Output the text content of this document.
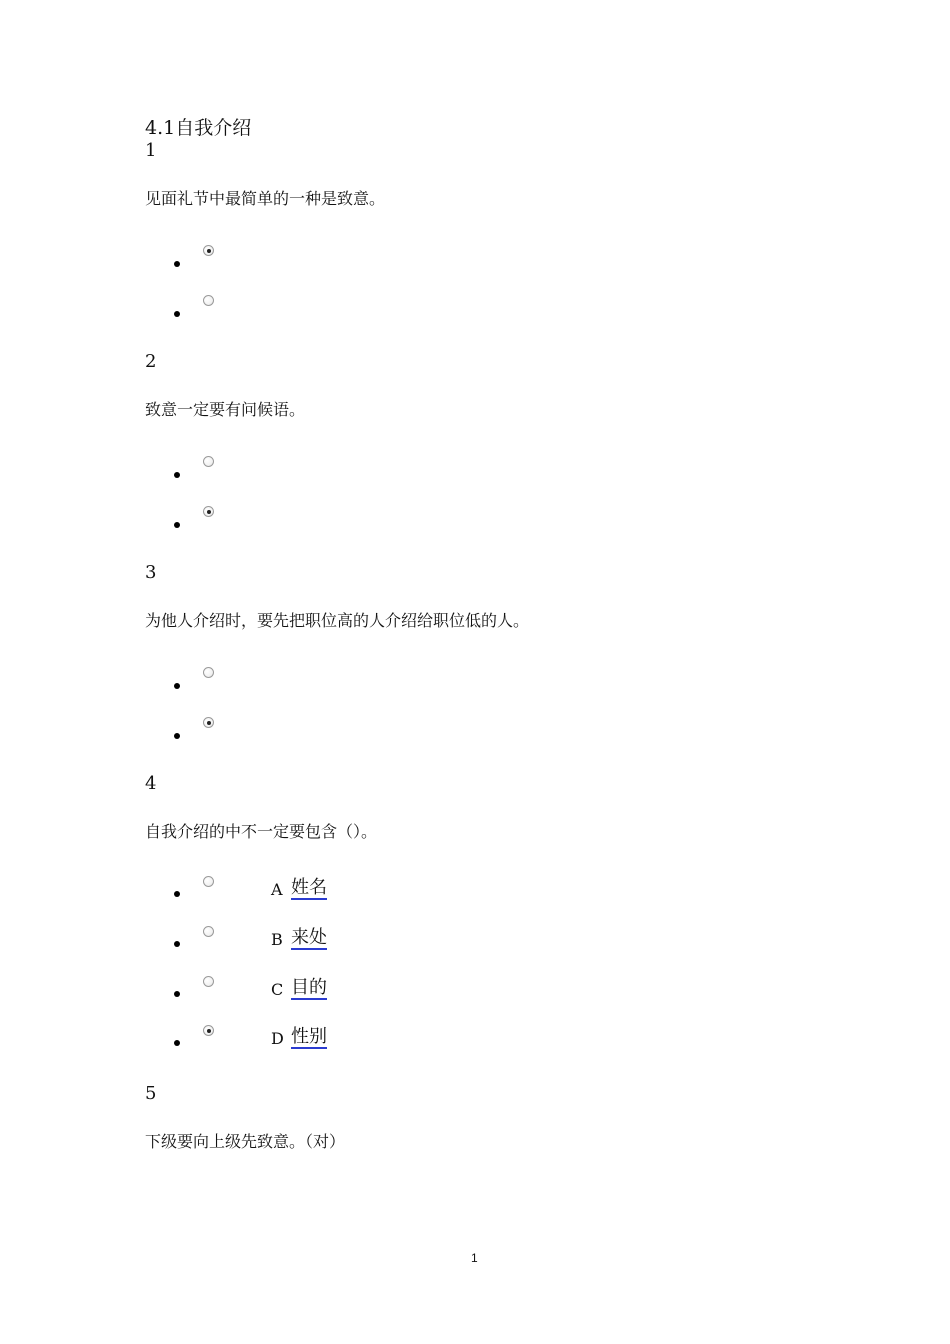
4.1自我介绍
1
见面礼节中最简单的一种是致意。
2
致意一定要有问候语。
3
为他人介绍时，要先把职位高的人介绍给职位低的人。
4
自我介绍的中不一定要包含（）。
A 姓名
B 来处
C 目的
D 性别
5
下级要向上级先致意。（对）
1
